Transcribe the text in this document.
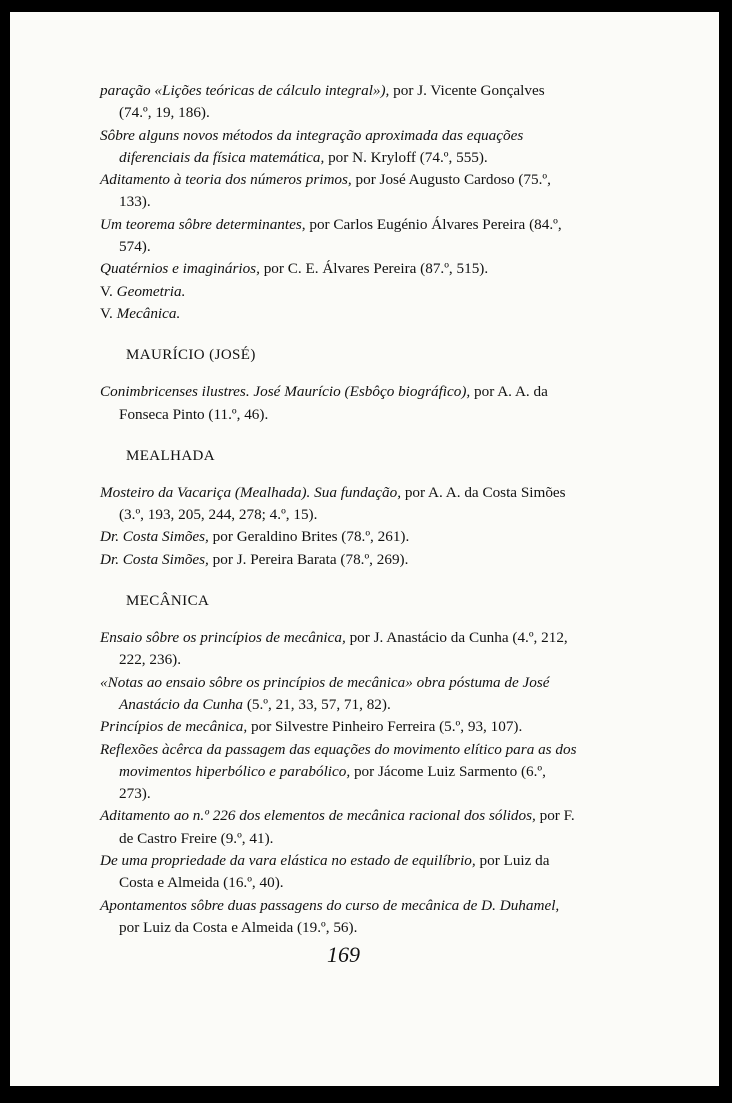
paração «Lições teóricas de cálculo integral»), por J. Vicente Gonçalves (74.º, 19, 186).

Sôbre alguns novos métodos da integração aproximada das equações diferenciais da física matemática, por N. Kryloff (74.º, 555).

Aditamento à teoria dos números primos, por José Augusto Cardoso (75.º, 133).

Um teorema sôbre determinantes, por Carlos Eugénio Álvares Pereira (84.º, 574).

Quatérnios e imaginários, por C. E. Álvares Pereira (87.º, 515).

V. Geometria.

V. Mecânica.

MAURÍCIO (JOSÉ)

Conimbricenses ilustres. José Maurício (Esbôço biográfico), por A. A. da Fonseca Pinto (11.º, 46).

MEALHADA

Mosteiro da Vacariça (Mealhada). Sua fundação, por A. A. da Costa Simões (3.º, 193, 205, 244, 278; 4.º, 15).

Dr. Costa Simões, por Geraldino Brites (78.º, 261).

Dr. Costa Simões, por J. Pereira Barata (78.º, 269).

MECÂNICA

Ensaio sôbre os princípios de mecânica, por J. Anastácio da Cunha (4.º, 212, 222, 236).

«Notas ao ensaio sôbre os princípios de mecânica» obra póstuma de José Anastácio da Cunha (5.º, 21, 33, 57, 71, 82).

Princípios de mecânica, por Silvestre Pinheiro Ferreira (5.º, 93, 107).

Reflexões àcêrca da passagem das equações do movimento elítico para as dos movimentos hiperbólico e parabólico, por Jácome Luiz Sarmento (6.º, 273).

Aditamento ao n.º 226 dos elementos de mecânica racional dos sólidos, por F. de Castro Freire (9.º, 41).

De uma propriedade da vara elástica no estado de equilíbrio, por Luiz da Costa e Almeida (16.º, 40).

Apontamentos sôbre duas passagens do curso de mecânica de D. Duhamel, por Luiz da Costa e Almeida (19.º, 56).

169
